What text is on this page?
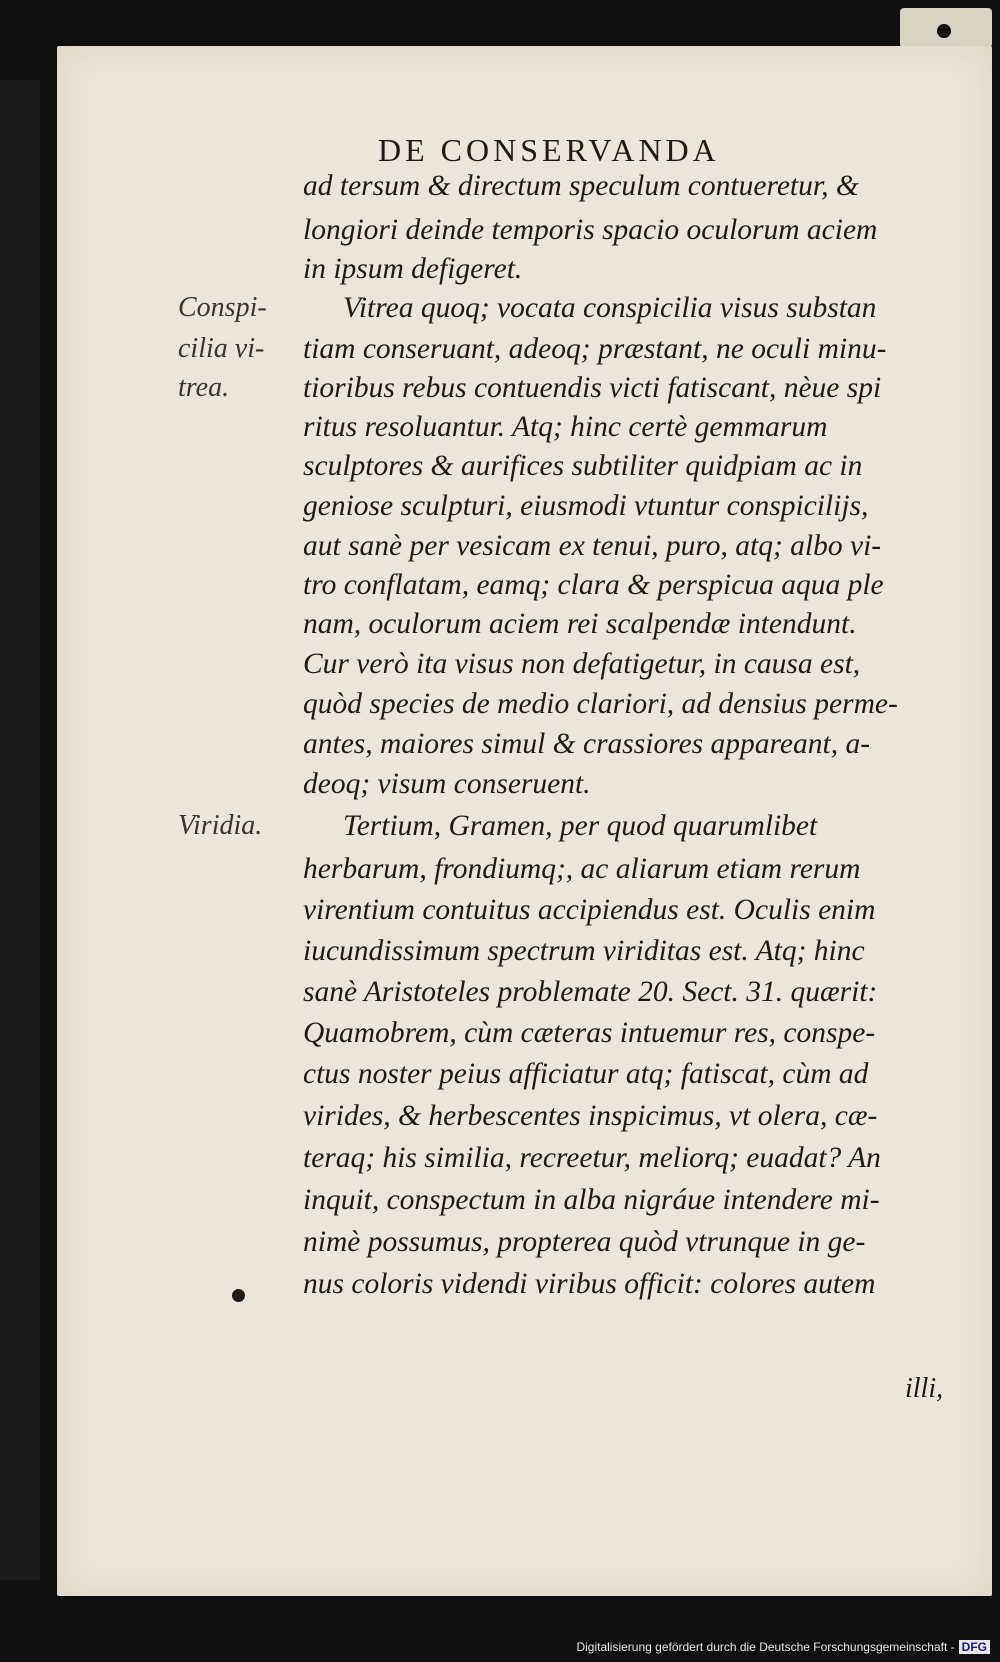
DE CONSERVANDA
ad tersum & directum speculum contueretur, &
longiori deinde temporis spacio oculorum aciem
in ipsum defigeret.
Vitrea quoq; vocata conspicilia visus substan
tiam conseruant, adeoq; præstant, ne oculi minu-
tioribus rebus contuendis victi fatiscant, nèue spi
ritus resoluantur. Atq; hinc certè gemmarum
sculptores & aurifices subtiliter quidpiam ac in
geniose sculpturi, eiusmodi vtuntur conspicilijs,
aut sanè per vesicam ex tenui, puro, atq; albo vi-
tro conflatam, eamq; clara & perspicua aqua ple
nam, oculorum aciem rei scalpendæ intendunt.
Cur verò ita visus non defatigetur, in causa est,
quòd species de medio clariori, ad densius perme-
antes, maiores simul & crassiores appareant, a-
deoq; visum conseruent.
Tertium, Gramen, per quod quarumlibet
herbarum, frondiumq;, ac aliarum etiam rerum
virentium contuitus accipiendus est. Oculis enim
iucundissimum spectrum viriditas est. Atq; hinc
sanè Aristoteles problemate 20. Sect. 31. quærit:
Quamobrem, cùm cæteras intuemur res, conspe-
ctus noster peius afficiatur atq; fatiscat, cùm ad
virides, & herbescentes inspicimus, vt olera, cæ-
teraq; his similia, recreetur, meliorq; euadat? An
inquit, conspectum in alba nigráue intendere mi-
nimè possumus, propterea quòd vtrunque in ge-
nus coloris videndi viribus officit: colores autem
Conspi-
cilia vi-
trea.
Viridia.
illi,
Digitalisierung gefördert durch die Deutsche Forschungsgemeinschaft - DFG
